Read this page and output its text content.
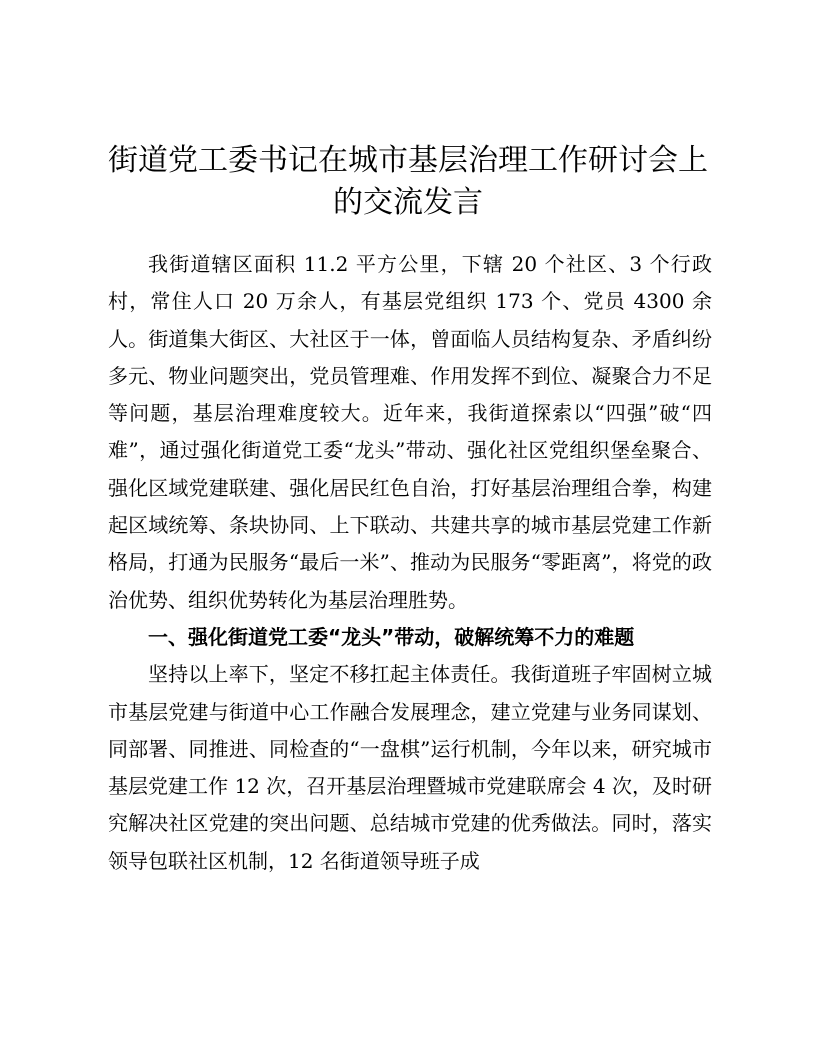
街道党工委书记在城市基层治理工作研讨会上的交流发言

我街道辖区面积 11.2 平方公里，下辖 20 个社区、3 个行政村，常住人口 20 万余人，有基层党组织 173 个、党员 4300 余人。街道集大街区、大社区于一体，曾面临人员结构复杂、矛盾纠纷多元、物业问题突出，党员管理难、作用发挥不到位、凝聚合力不足等问题，基层治理难度较大。近年来，我街道探索以“四强”破“四难”，通过强化街道党工委“龙头”带动、强化社区党组织堡垒聚合、强化区域党建联建、强化居民红色自治，打好基层治理组合拳，构建起区域统筹、条块协同、上下联动、共建共享的城市基层党建工作新格局，打通为民服务“最后一米”、推动为民服务“零距离”，将党的政治优势、组织优势转化为基层治理胜势。

一、强化街道党工委“龙头”带动，破解统筹不力的难题

坚持以上率下，坚定不移扛起主体责任。我街道班子牢固树立城市基层党建与街道中心工作融合发展理念，建立党建与业务同谋划、同部署、同推进、同检查的“一盘棋”运行机制，今年以来，研究城市基层党建工作 12 次，召开基层治理暨城市党建联席会 4 次，及时研究解决社区党建的突出问题、总结城市党建的优秀做法。同时，落实领导包联社区机制，12 名街道领导班子成
